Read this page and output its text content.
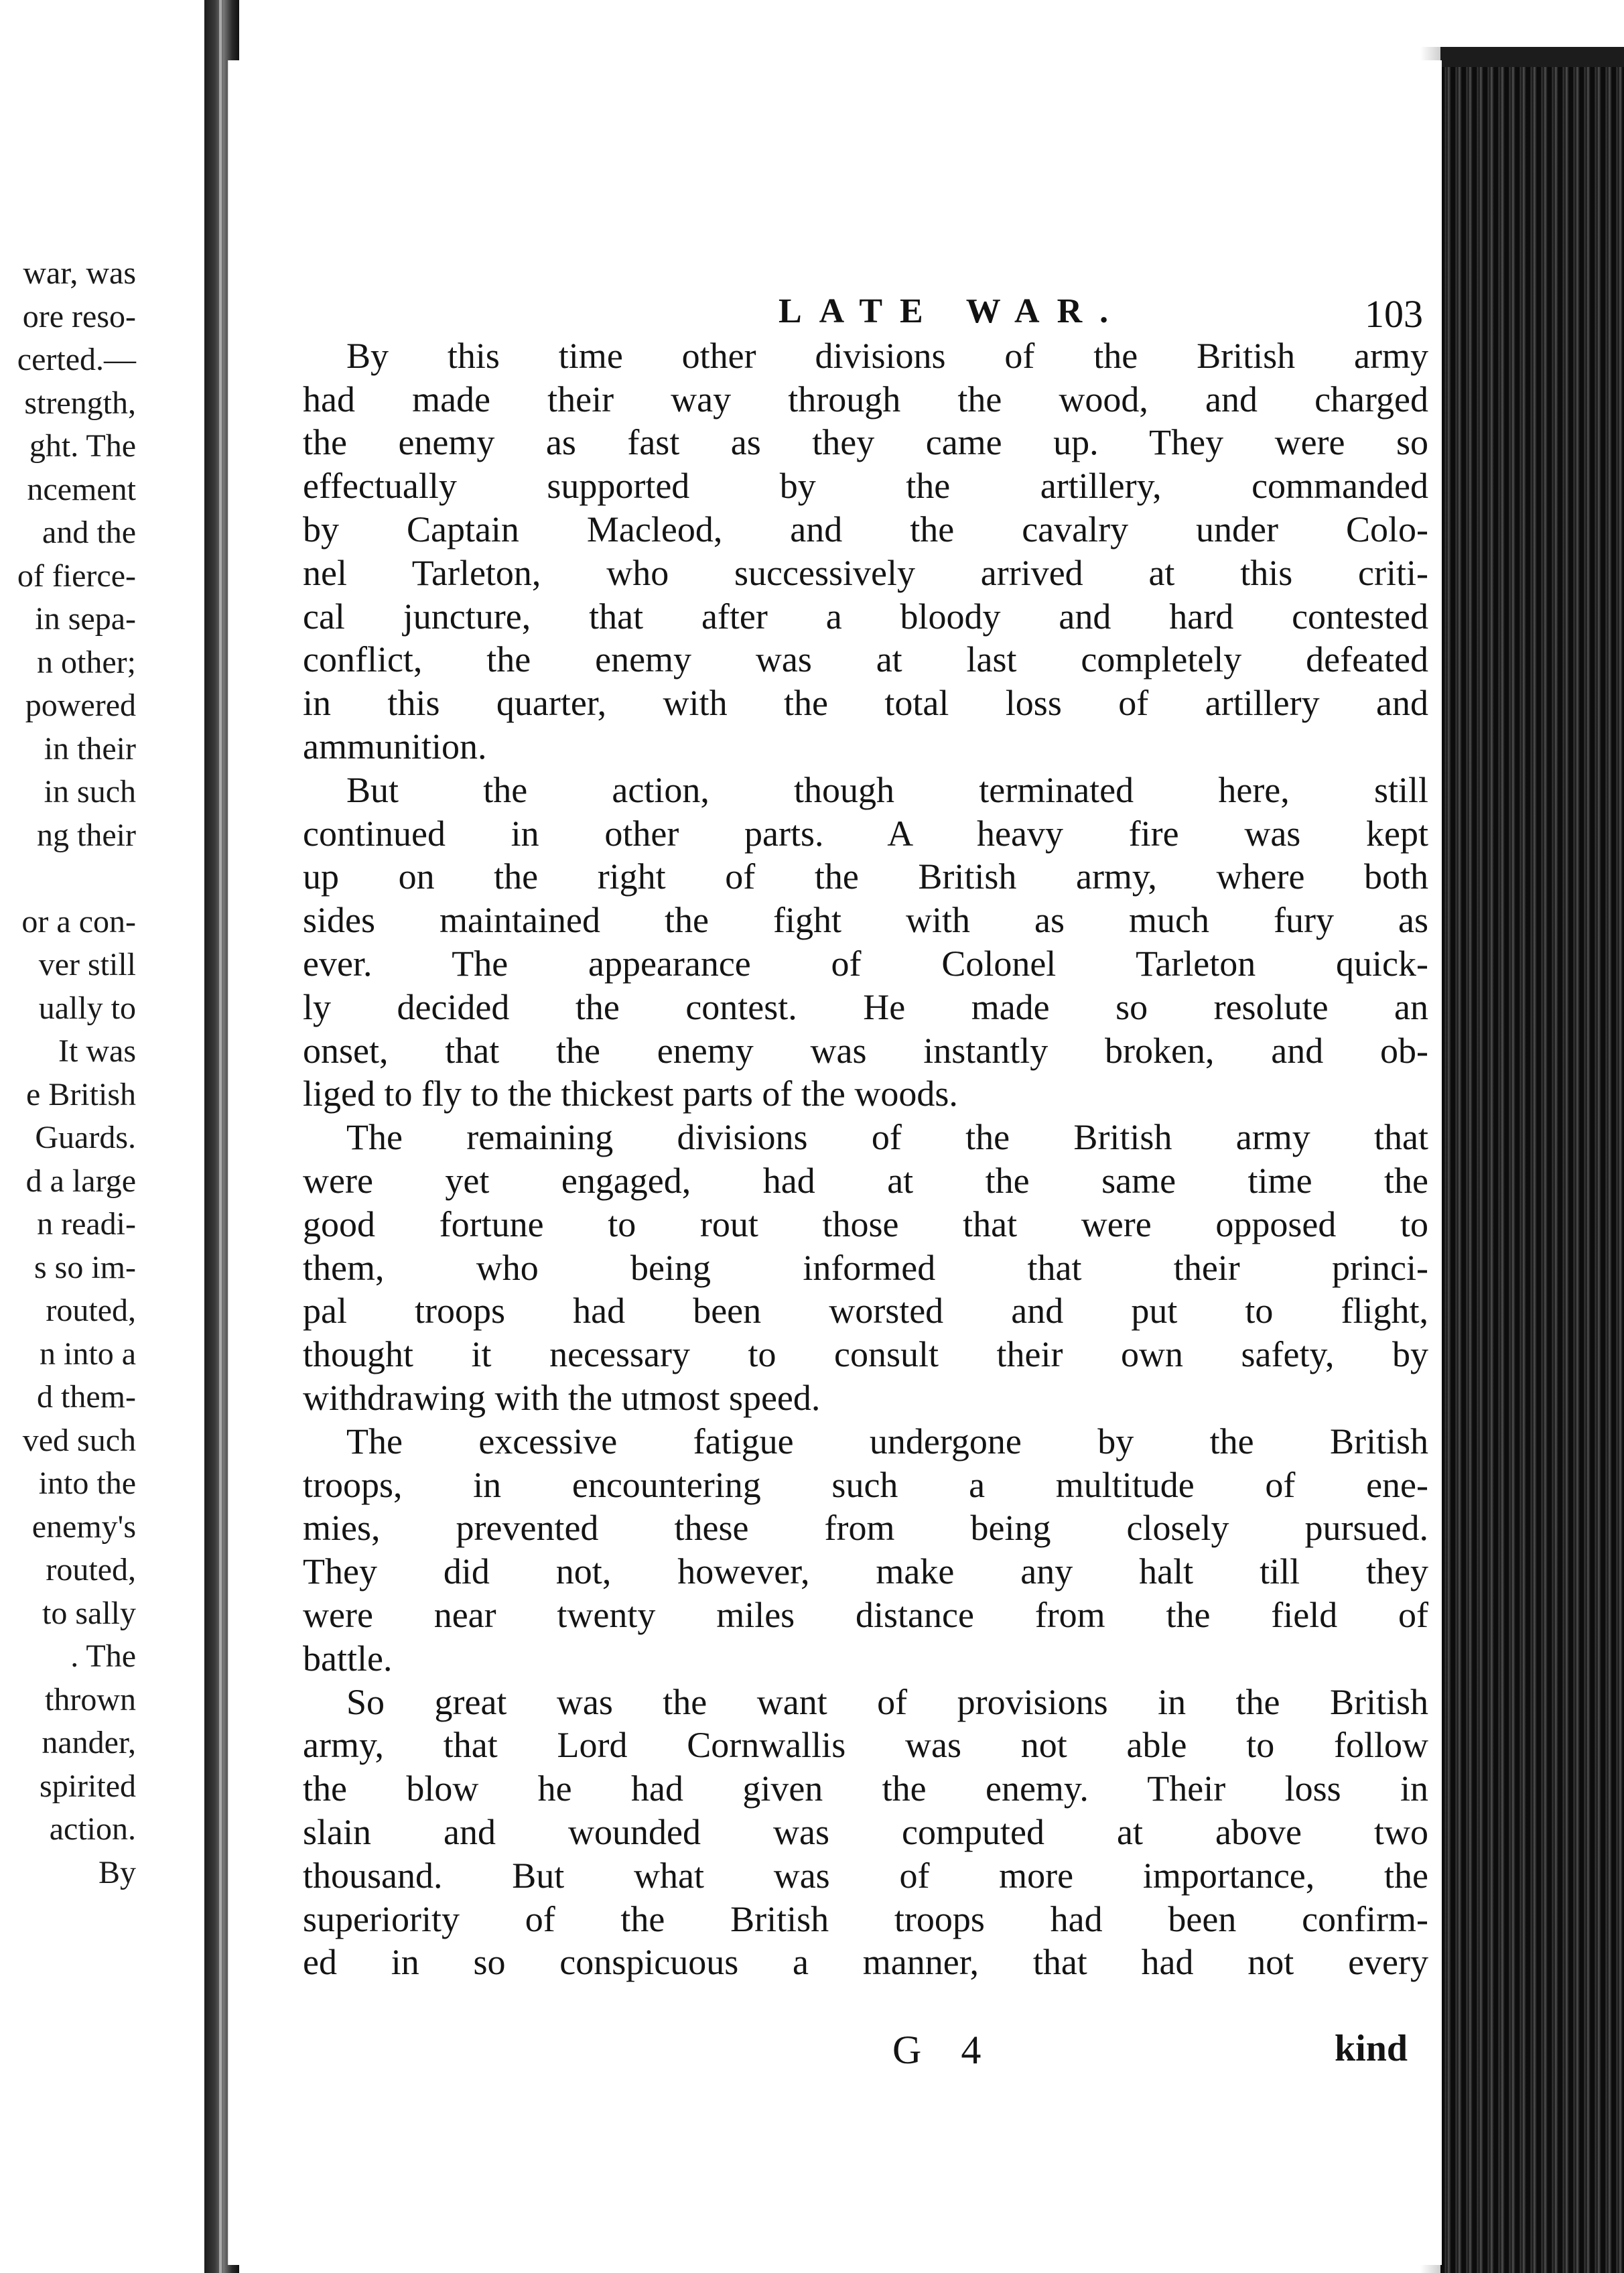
war, was
ore reso-
certed.—
strength,
ght. The
ncement
and the
of fierce-
in sepa-
n other;
powered
in their
in such
ng their
or a con-
ver still
ually to
It was
e British
Guards.
d a large
n readi-
s so im-
routed,
n into a
d them-
ved such
into the
enemy's
routed,
to sally
. The
thrown
nander,
spirited
action.
By
LATE WAR.	103
By this time other divisions of the British army
had made their way through the wood, and charged
the enemy as fast as they came up. They were so
effectually supported by the artillery, commanded
by Captain Macleod, and the cavalry under Colo-
nel Tarleton, who successively arrived at this criti-
cal juncture, that after a bloody and hard contested
conflict, the enemy was at last completely defeated
in this quarter, with the total loss of artillery and
ammunition.
But the action, though terminated here, still
continued in other parts. A heavy fire was kept
up on the right of the British army, where both
sides maintained the fight with as much fury as
ever. The appearance of Colonel Tarleton quick-
ly decided the contest. He made so resolute an
onset, that the enemy was instantly broken, and ob-
liged to fly to the thickest parts of the woods.
The remaining divisions of the British army that
were yet engaged, had at the same time the
good fortune to rout those that were opposed to
them, who being informed that their princi-
pal troops had been worsted and put to flight,
thought it necessary to consult their own safety, by
withdrawing with the utmost speed.
The excessive fatigue undergone by the British
troops, in encountering such a multitude of ene-
mies, prevented these from being closely pursued.
They did not, however, make any halt till they
were near twenty miles distance from the field of
battle.
So great was the want of provisions in the British
army, that Lord Cornwallis was not able to follow
the blow he had given the enemy. Their loss in
slain and wounded was computed at above two
thousand. But what was of more importance, the
superiority of the British troops had been confirm-
ed in so conspicuous a manner, that had not every
G 4	kind
